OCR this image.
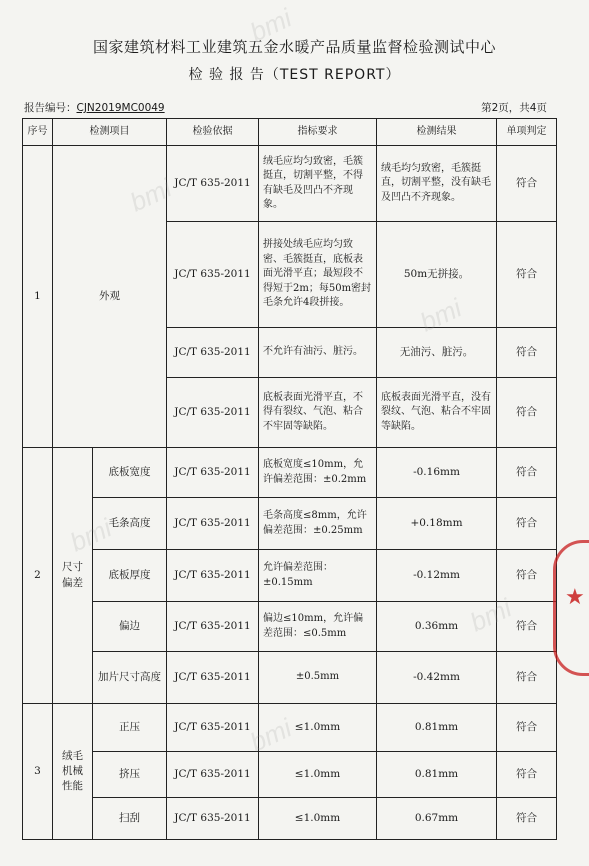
国家建筑材料工业建筑五金水暖产品质量监督检验测试中心
检 验 报 告（TEST REPORT）
报告编号：CJN2019MC0049	第2页，共4页
序号	检测项目		检验依据	指标要求	检测结果	单项判定
1	外观		JC/T 635-2011	绒毛应均匀致密，毛簇挺直，切割平整，不得有缺毛及凹凸不齐现象。	绒毛均匀致密，毛簇挺直，切割平整，没有缺毛及凹凸不齐现象。	符合
			JC/T 635-2011	拼接处绒毛应均匀致密、毛簇挺直，底板表面光滑平直；最短段不得短于2m；每50m密封毛条允许4段拼接。	50m无拼接。	符合
			JC/T 635-2011	不允许有油污、脏污。	无油污、脏污。	符合
			JC/T 635-2011	底板表面光滑平直，不得有裂纹、气泡、粘合不牢固等缺陷。	底板表面光滑平直，没有裂纹、气泡、粘合不牢固等缺陷。	符合
2	尺寸偏差	底板宽度	JC/T 635-2011	底板宽度≤10mm，允许偏差范围：±0.2mm	-0.16mm	符合
		毛条高度	JC/T 635-2011	毛条高度≤8mm，允许偏差范围：±0.25mm	+0.18mm	符合
		底板厚度	JC/T 635-2011	允许偏差范围：±0.15mm	-0.12mm	符合
		偏边	JC/T 635-2011	偏边≤10mm，允许偏差范围：≤0.5mm	0.36mm	符合
		加片尺寸高度	JC/T 635-2011	±0.5mm	-0.42mm	符合
3	绒毛机械性能	正压	JC/T 635-2011	≤1.0mm	0.81mm	符合
		挤压	JC/T 635-2011	≤1.0mm	0.81mm	符合
		扫刮	JC/T 635-2011	≤1.0mm	0.67mm	符合
bmi
bmi
bmi
bmi
bmi
bmi
★
